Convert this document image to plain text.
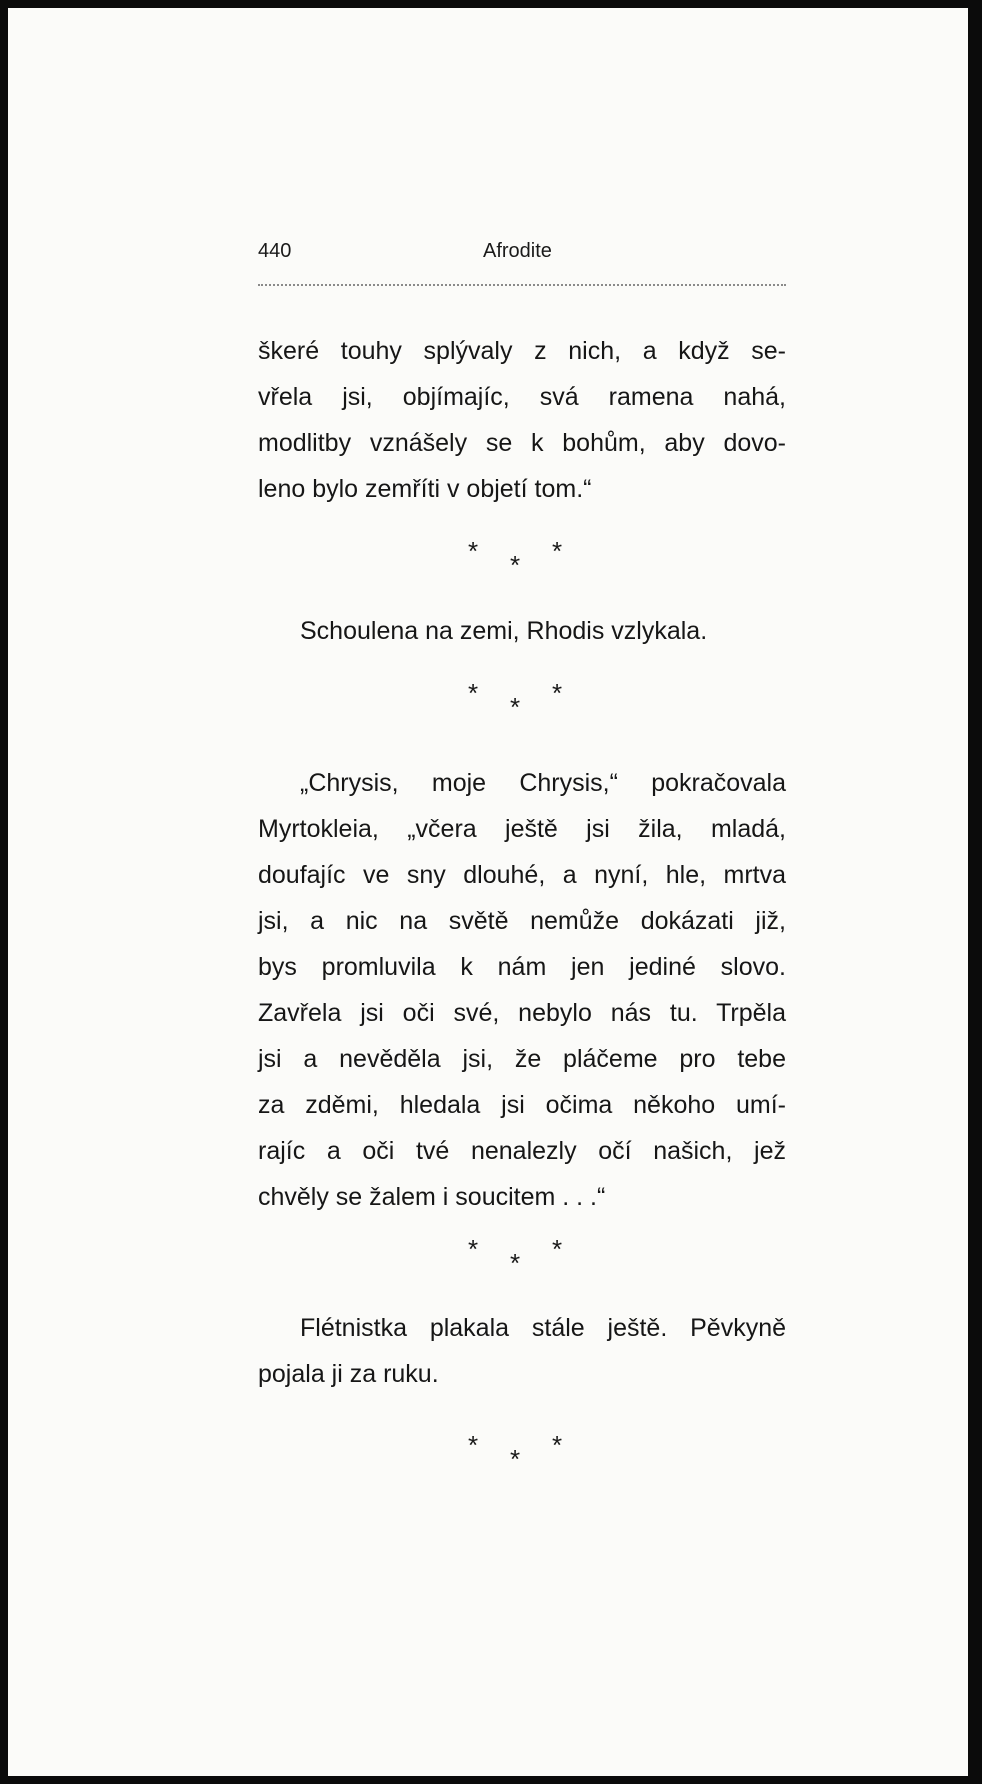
440	Afrodite
škeré touhy splývaly z nich, a když se-
vřela jsi, objímajíc, svá ramena nahá,
modlitby vznášely se k bohům, aby dovo-
leno bylo zemříti v objetí tom.“
* * *
Schoulena na zemi, Rhodis vzlykala.
* * *
„Chrysis, moje Chrysis,“ pokračovala
Myrtokleia, „včera ještě jsi žila, mladá,
doufajíc ve sny dlouhé, a nyní, hle, mrtva
jsi, a nic na světě nemůže dokázati již,
bys promluvila k nám jen jediné slovo.
Zavřela jsi oči své, nebylo nás tu. Trpěla
jsi a nevěděla jsi, že pláčeme pro tebe
za zděmi, hledala jsi očima někoho umí-
rajíc a oči tvé nenalezly očí našich, jež
chvěly se žalem i soucitem . . .“
* * *
Flétnistka plakala stále ještě. Pěvkyně
pojala ji za ruku.
* * *
